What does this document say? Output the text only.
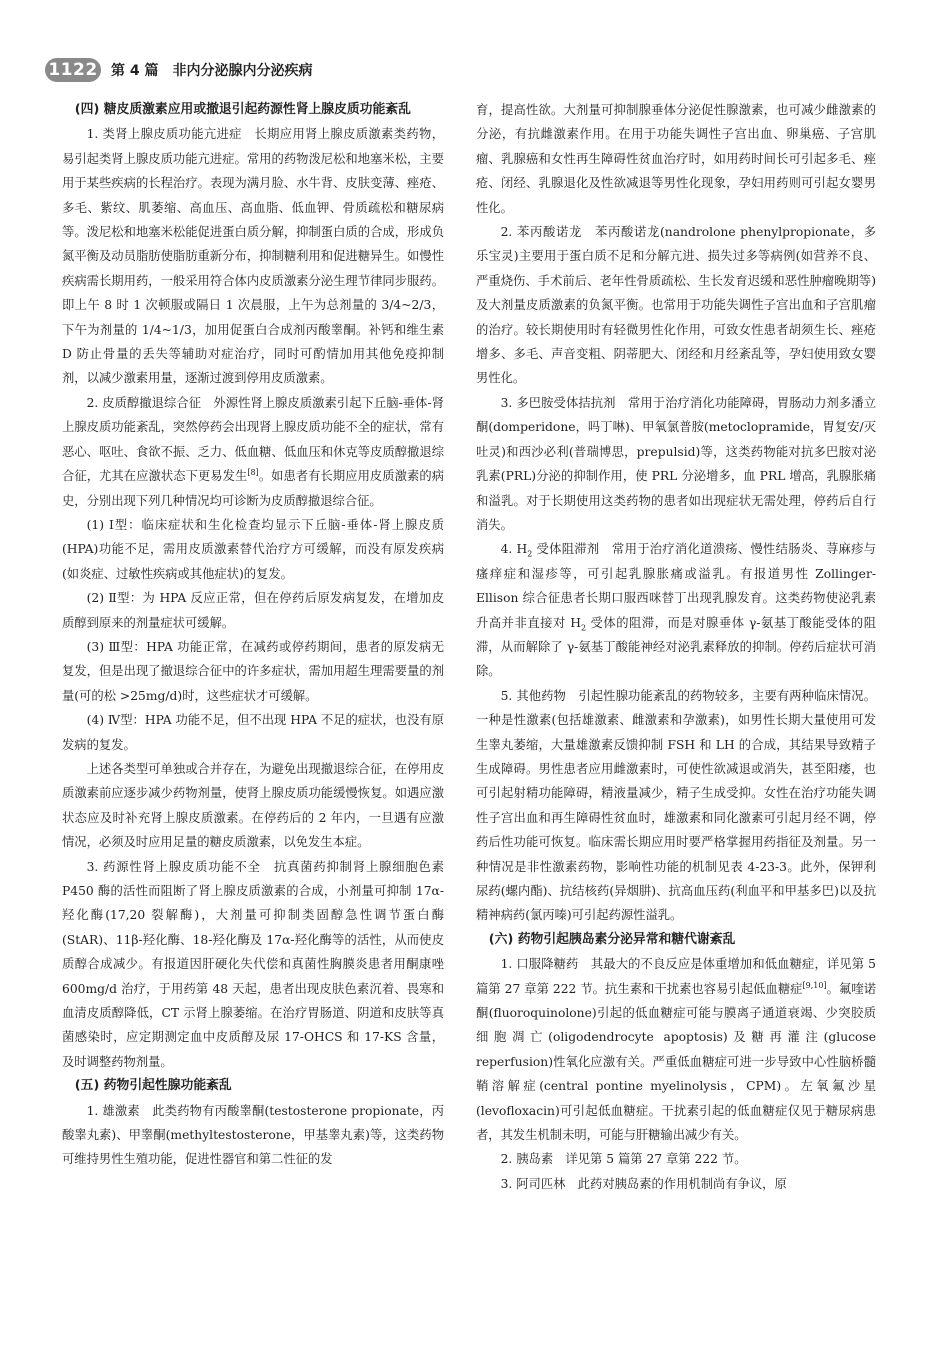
1122 第 4 篇　非内分泌腺内分泌疾病
(四) 糖皮质激素应用或撤退引起药源性肾上腺皮质功能紊乱

1. 类肾上腺皮质功能亢进症　长期应用肾上腺皮质激素类药物，易引起类肾上腺皮质功能亢进症。常用的药物泼尼松和地塞米松，主要用于某些疾病的长程治疗。表现为满月脸、水牛背、皮肤变薄、痤疮、多毛、紫纹、肌萎缩、高血压、高血脂、低血钾、骨质疏松和糖尿病等。泼尼松和地塞米松能促进蛋白质分解，抑制蛋白质的合成，形成负氮平衡及动员脂肪使脂肪重新分布，抑制糖利用和促进糖异生。如慢性疾病需长期用药，一般采用符合体内皮质激素分泌生理节律同步服药。即上午 8 时 1 次顿服或隔日 1 次晨服，上午为总剂量的 3/4~2/3，下午为剂量的 1/4~1/3，加用促蛋白合成剂丙酸睾酮。补钙和维生素 D 防止骨量的丢失等辅助对症治疗，同时可酌情加用其他免疫抑制剂，以减少激素用量，逐渐过渡到停用皮质激素。

2. 皮质醇撤退综合征　外源性肾上腺皮质激素引起下丘脑-垂体-肾上腺皮质功能紊乱，突然停药会出现肾上腺皮质功能不全的症状，常有恶心、呕吐、食欲不振、乏力、低血糖、低血压和休克等皮质醇撤退综合征，尤其在应激状态下更易发生[8]。如患者有长期应用皮质激素的病史，分别出现下列几种情况均可诊断为皮质醇撤退综合征。

(1) Ⅰ型：临床症状和生化检查均显示下丘脑-垂体-肾上腺皮质(HPA)功能不足，需用皮质激素替代治疗方可缓解，而没有原发疾病(如炎症、过敏性疾病或其他症状)的复发。

(2) Ⅱ型：为 HPA 反应正常，但在停药后原发病复发，在增加皮质醇到原来的剂量症状可缓解。

(3) Ⅲ型：HPA 功能正常，在减药或停药期间，患者的原发病无复发，但是出现了撤退综合征中的许多症状，需加用超生理需要量的剂量(可的松 >25mg/d)时，这些症状才可缓解。

(4) Ⅳ型：HPA 功能不足，但不出现 HPA 不足的症状，也没有原发病的复发。

上述各类型可单独或合并存在，为避免出现撤退综合征，在停用皮质激素前应逐步减少药物剂量，使肾上腺皮质功能缓慢恢复。如遇应激状态应及时补充肾上腺皮质激素。在停药后的 2 年内，一旦遇有应激情况，必须及时应用足量的糖皮质激素，以免发生本症。

3. 药源性肾上腺皮质功能不全　抗真菌药抑制肾上腺细胞色素 P450 酶的活性而阻断了肾上腺皮质激素的合成，小剂量可抑制 17α-羟化酶(17,20 裂解酶)，大剂量可抑制类固醇急性调节蛋白酶(StAR)、11β-羟化酶、18-羟化酶及 17α-羟化酶等的活性，从而使皮质醇合成减少。有报道因肝硬化失代偿和真菌性胸膜炎患者用酮康唑 600mg/d 治疗，于用药第 48 天起，患者出现皮肤色素沉着、畏寒和血清皮质醇降低，CT 示肾上腺萎缩。在治疗胃肠道、阴道和皮肤等真菌感染时，应定期测定血中皮质醇及尿 17-OHCS 和 17-KS 含量，及时调整药物剂量。

(五) 药物引起性腺功能紊乱

1. 雄激素　此类药物有丙酸睾酮(testosterone propionate，丙酸睾丸素)、甲睾酮(methyltestosterone，甲基睾丸素)等，这类药物可维持男性生殖功能，促进性器官和第二性征的发

育，提高性欲。大剂量可抑制腺垂体分泌促性腺激素，也可减少雌激素的分泌，有抗雌激素作用。在用于功能失调性子宫出血、卵巢癌、子宫肌瘤、乳腺癌和女性再生障碍性贫血治疗时，如用药时间长可引起多毛、痤疮、闭经、乳腺退化及性欲减退等男性化现象，孕妇用药则可引起女婴男性化。

2. 苯丙酸诺龙　苯丙酸诺龙(nandrolone phenylpropionate，多乐宝灵)主要用于蛋白质不足和分解亢进、损失过多等病例(如营养不良、严重烧伤、手术前后、老年性骨质疏松、生长发育迟缓和恶性肿瘤晚期等)及大剂量皮质激素的负氮平衡。也常用于功能失调性子宫出血和子宫肌瘤的治疗。较长期使用时有轻微男性化作用，可致女性患者胡须生长、痤疮增多、多毛、声音变粗、阴蒂肥大、闭经和月经紊乱等，孕妇使用致女婴男性化。

3. 多巴胺受体拮抗剂　常用于治疗消化功能障碍，胃肠动力剂多潘立酮(domperidone，吗丁啉)、甲氧氯普胺(metoclopramide，胃复安/灭吐灵)和西沙必利(普瑞博思，prepulsid)等，这类药物能对抗多巴胺对泌乳素(PRL)分泌的抑制作用，使 PRL 分泌增多，血 PRL 增高，乳腺胀痛和溢乳。对于长期使用这类药物的患者如出现症状无需处理，停药后自行消失。

4. $H_2$ 受体阻滞剂　常用于治疗消化道溃疡、慢性结肠炎、荨麻疹与瘙痒症和湿疹等，可引起乳腺胀痛或溢乳。有报道男性 Zollinger-Ellison 综合征患者长期口服西咪替丁出现乳腺发育。这类药物使泌乳素升高并非直接对 $H_2$ 受体的阻滞，而是对腺垂体 γ-氨基丁酸能受体的阻滞，从而解除了 γ-氨基丁酸能神经对泌乳素释放的抑制。停药后症状可消除。

5. 其他药物　引起性腺功能紊乱的药物较多，主要有两种临床情况。一种是性激素(包括雄激素、雌激素和孕激素)，如男性长期大量使用可发生睾丸萎缩，大量雄激素反馈抑制 FSH 和 LH 的合成，其结果导致精子生成障碍。男性患者应用雌激素时，可使性欲减退或消失，甚至阳痿，也可引起射精功能障碍，精液量减少，精子生成受抑。女性在治疗功能失调性子宫出血和再生障碍性贫血时，雄激素和同化激素可引起月经不调，停药后性功能可恢复。临床需长期应用时要严格掌握用药指征及剂量。另一种情况是非性激素药物，影响性功能的机制见表 4-23-3。此外，保钾利尿药(螺内酯)、抗结核药(异烟肼)、抗高血压药(利血平和甲基多巴)以及抗精神病药(氯丙嗪)可引起药源性溢乳。

(六) 药物引起胰岛素分泌异常和糖代谢紊乱

1. 口服降糖药　其最大的不良反应是体重增加和低血糖症，详见第 5 篇第 27 章第 222 节。抗生素和干扰素也容易引起低血糖症[9,10]。氟喹诺酮(fluoroquinolone)引起的低血糖症可能与膜离子通道衰竭、少突胶质细胞凋亡(oligodendrocyte apoptosis)及糖再灌注(glucose reperfusion)性氧化应激有关。严重低血糖症可进一步导致中心性脑桥髓鞘溶解症(central pontine myelinolysis，CPM)。左氧氟沙星(levofloxacin)可引起低血糖症。干扰素引起的低血糖症仅见于糖尿病患者，其发生机制未明，可能与肝糖输出减少有关。

2. 胰岛素　详见第 5 篇第 27 章第 222 节。

3. 阿司匹林　此药对胰岛素的作用机制尚有争议，原
